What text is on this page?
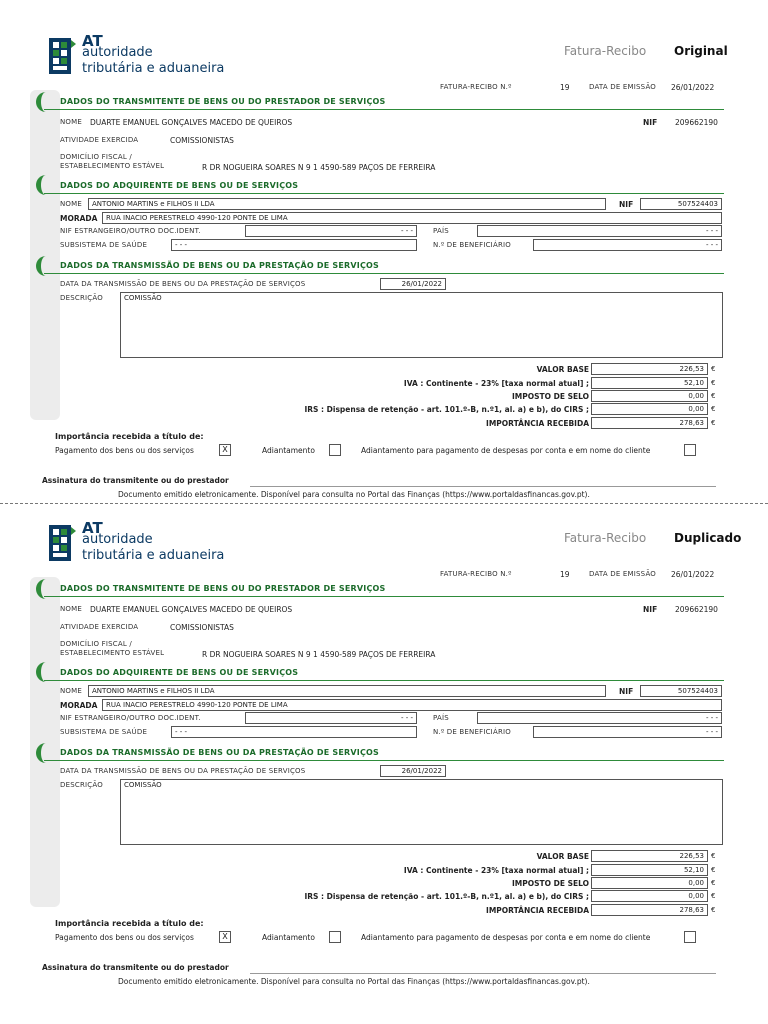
AT
autoridade
tributária e aduaneira
Fatura-Recibo Original
FATURA-RECIBO N.º	19	DATA DE EMISSÃO 26/01/2022
DADOS DO TRANSMITENTE DE BENS OU DO PRESTADOR DE SERVIÇOS
NOME DUARTE EMANUEL GONÇALVES MACEDO DE QUEIROS	NIF 209662190
ATIVIDADE EXERCIDA	COMISSIONISTAS
DOMICÍLIO FISCAL /
ESTABELECIMENTO ESTÁVEL	R DR NOGUEIRA SOARES N 9 1 4590-589 PAÇOS DE FERREIRA
DADOS DO ADQUIRENTE DE BENS OU DE SERVIÇOS
NOME	ANTONIO MARTINS e FILHOS II LDA	NIF	507524403
MORADA	RUA INACIO PERESTRELO 4990-120 PONTE DE LIMA
NIF ESTRANGEIRO/OUTRO DOC.IDENT.	- - -	PAÍS	- - -
SUBSISTEMA DE SAÚDE	- - -	N.º DE BENEFICIÁRIO	- - -
DADOS DA TRANSMISSÃO DE BENS OU DA PRESTAÇÃO DE SERVIÇOS
DATA DA TRANSMISSÃO DE BENS OU DA PRESTAÇÃO DE SERVIÇOS	26/01/2022
DESCRIÇÃO	COMISSÃO
VALOR BASE	226,53	€
IVA : Continente - 23% [taxa normal atual] ;	52,10	€
IMPOSTO DE SELO	0,00	€
IRS : Dispensa de retenção - art. 101.º-B, n.º1, al. a) e b), do CIRS ;	0,00	€
IMPORTÂNCIA RECEBIDA	278,63	€
Importância recebida a título de:
Pagamento dos bens ou dos serviços	X	Adiantamento	Adiantamento para pagamento de despesas por conta e em nome do cliente
Assinatura do transmitente ou do prestador
Documento emitido eletronicamente. Disponível para consulta no Portal das Finanças (https://www.portaldasfinancas.gov.pt).
AT
autoridade
tributária e aduaneira
Fatura-Recibo Duplicado
FATURA-RECIBO N.º	19	DATA DE EMISSÃO 26/01/2022
DADOS DO TRANSMITENTE DE BENS OU DO PRESTADOR DE SERVIÇOS
NOME DUARTE EMANUEL GONÇALVES MACEDO DE QUEIROS	NIF 209662190
ATIVIDADE EXERCIDA	COMISSIONISTAS
DOMICÍLIO FISCAL /
ESTABELECIMENTO ESTÁVEL	R DR NOGUEIRA SOARES N 9 1 4590-589 PAÇOS DE FERREIRA
DADOS DO ADQUIRENTE DE BENS OU DE SERVIÇOS
NOME	ANTONIO MARTINS e FILHOS II LDA	NIF	507524403
MORADA	RUA INACIO PERESTRELO 4990-120 PONTE DE LIMA
NIF ESTRANGEIRO/OUTRO DOC.IDENT.	- - -	PAÍS	- - -
SUBSISTEMA DE SAÚDE	- - -	N.º DE BENEFICIÁRIO	- - -
DADOS DA TRANSMISSÃO DE BENS OU DA PRESTAÇÃO DE SERVIÇOS
DATA DA TRANSMISSÃO DE BENS OU DA PRESTAÇÃO DE SERVIÇOS	26/01/2022
DESCRIÇÃO	COMISSÃO
VALOR BASE	226,53	€
IVA : Continente - 23% [taxa normal atual] ;	52,10	€
IMPOSTO DE SELO	0,00	€
IRS : Dispensa de retenção - art. 101.º-B, n.º1, al. a) e b), do CIRS ;	0,00	€
IMPORTÂNCIA RECEBIDA	278,63	€
Importância recebida a título de:
Pagamento dos bens ou dos serviços	X	Adiantamento	Adiantamento para pagamento de despesas por conta e em nome do cliente
Assinatura do transmitente ou do prestador
Documento emitido eletronicamente. Disponível para consulta no Portal das Finanças (https://www.portaldasfinancas.gov.pt).
